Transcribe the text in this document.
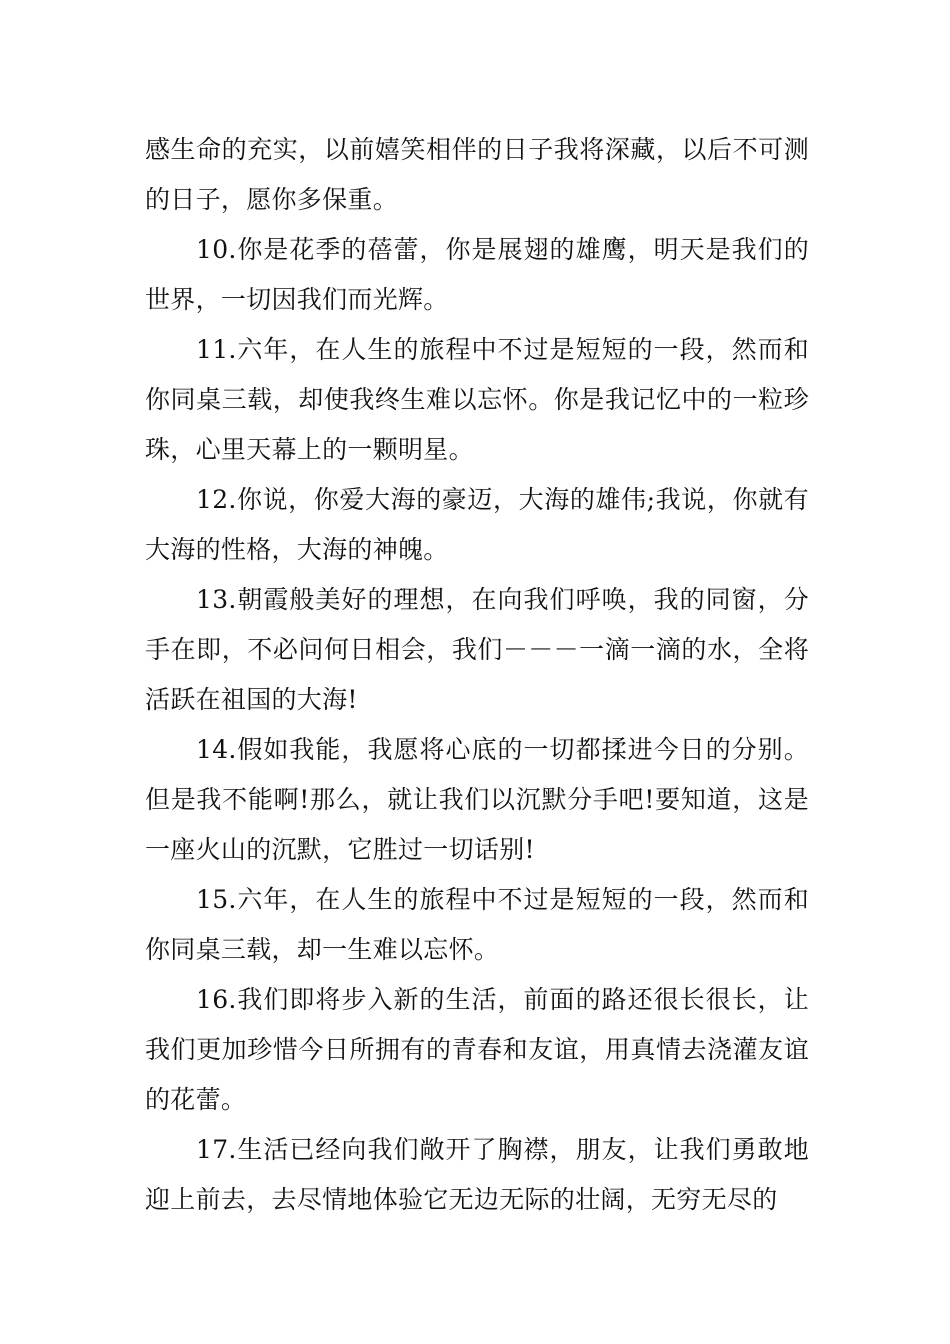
感生命的充实，以前嬉笑相伴的日子我将深藏，以后不可测的日子，愿你多保重。

10.你是花季的蓓蕾，你是展翅的雄鹰，明天是我们的世界，一切因我们而光辉。

11.六年，在人生的旅程中不过是短短的一段，然而和你同桌三载，却使我终生难以忘怀。你是我记忆中的一粒珍珠，心里天幕上的一颗明星。

12.你说，你爱大海的豪迈，大海的雄伟;我说，你就有大海的性格，大海的神魄。

13.朝霞般美好的理想，在向我们呼唤，我的同窗，分手在即，不必问何日相会，我们－－－一滴一滴的水，全将活跃在祖国的大海!

14.假如我能，我愿将心底的一切都揉进今日的分别。但是我不能啊!那么，就让我们以沉默分手吧!要知道，这是一座火山的沉默，它胜过一切话别!

15.六年，在人生的旅程中不过是短短的一段，然而和你同桌三载，却一生难以忘怀。

16.我们即将步入新的生活，前面的路还很长很长，让我们更加珍惜今日所拥有的青春和友谊，用真情去浇灌友谊的花蕾。

17.生活已经向我们敞开了胸襟，朋友，让我们勇敢地迎上前去，去尽情地体验它无边无际的壮阔，无穷无尽的
